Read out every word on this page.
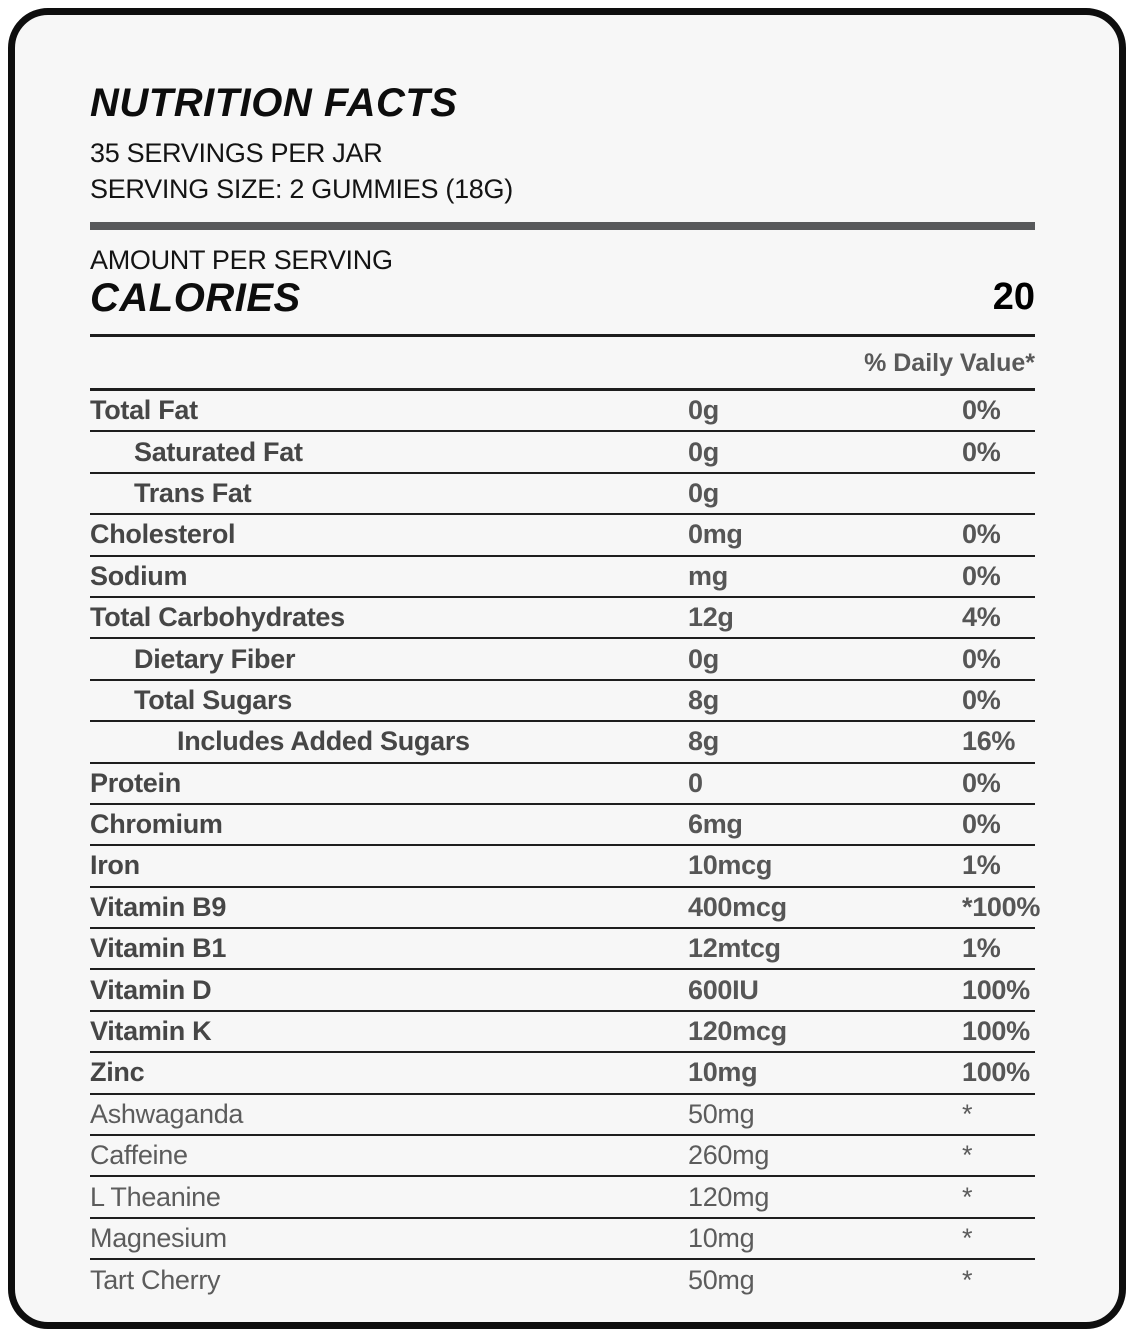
NUTRITION FACTS
35 SERVINGS PER JAR
SERVING SIZE: 2 GUMMIES (18G)
AMOUNT PER SERVING
CALORIES	20
% Daily Value*
Total Fat	0g	0%
Saturated Fat	0g	0%
Trans Fat	0g
Cholesterol	0mg	0%
Sodium	mg	0%
Total Carbohydrates	12g	4%
Dietary Fiber	0g	0%
Total Sugars	8g	0%
Includes Added Sugars	8g	16%
Protein	0	0%
Chromium	6mg	0%
Iron	10mcg	1%
Vitamin B9	400mcg	*100%
Vitamin B1	12mtcg	1%
Vitamin D	600IU	100%
Vitamin K	120mcg	100%
Zinc	10mg	100%
Ashwaganda	50mg	*
Caffeine	260mg	*
L Theanine	120mg	*
Magnesium	10mg	*
Tart Cherry	50mg	*
